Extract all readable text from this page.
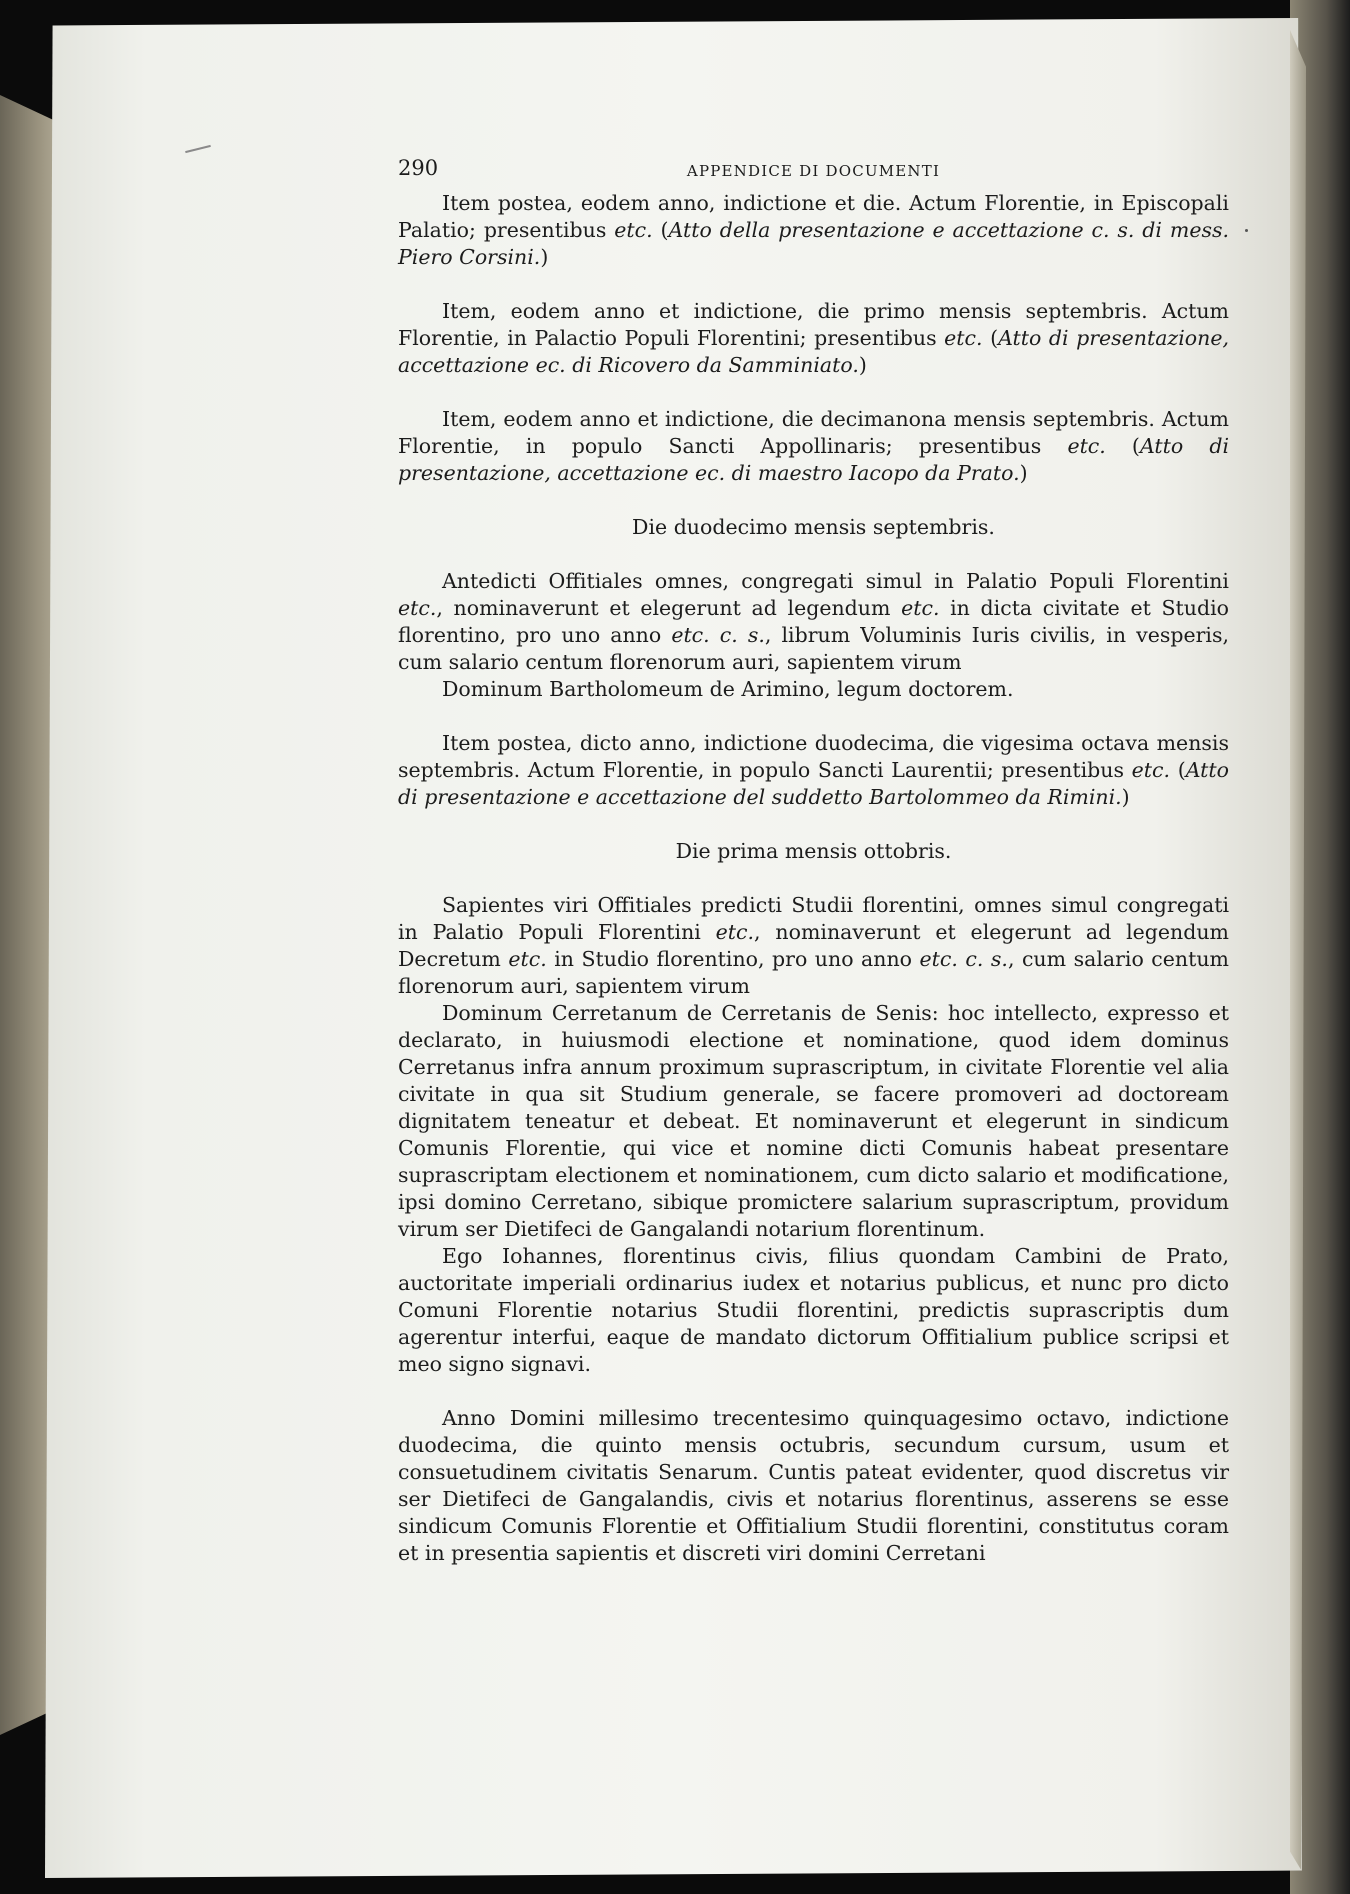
290	APPENDICE DI DOCUMENTI

Item postea, eodem anno, indictione et die. Actum Florentie, in Episcopali Palatio; presentibus etc. (Atto della presentazione e accettazione c. s. di mess. Piero Corsini.)

Item, eodem anno et indictione, die primo mensis septembris. Actum Florentie, in Palactio Populi Florentini; presentibus etc. (Atto di presentazione, accettazione ec. di Ricovero da Samminiato.)

Item, eodem anno et indictione, die decimanona mensis septembris. Actum Florentie, in populo Sancti Appollinaris; presentibus etc. (Atto di presentazione, accettazione ec. di maestro Iacopo da Prato.)

Die duodecimo mensis septembris.

Antedicti Offitiales omnes, congregati simul in Palatio Populi Florentini etc., nominaverunt et elegerunt ad legendum etc. in dicta civitate et Studio florentino, pro uno anno etc. c. s., librum Voluminis Iuris civilis, in vesperis, cum salario centum florenorum auri, sapientem virum

Dominum Bartholomeum de Arimino, legum doctorem.

Item postea, dicto anno, indictione duodecima, die vigesima octava mensis septembris. Actum Florentie, in populo Sancti Laurentii; presentibus etc. (Atto di presentazione e accettazione del suddetto Bartolommeo da Rimini.)

Die prima mensis ottobris.

Sapientes viri Offitiales predicti Studii florentini, omnes simul congregati in Palatio Populi Florentini etc., nominaverunt et elegerunt ad legendum Decretum etc. in Studio florentino, pro uno anno etc. c. s., cum salario centum florenorum auri, sapientem virum

Dominum Cerretanum de Cerretanis de Senis: hoc intellecto, expresso et declarato, in huiusmodi electione et nominatione, quod idem dominus Cerretanus infra annum proximum suprascriptum, in civitate Florentie vel alia civitate in qua sit Studium generale, se facere promoveri ad doctoream dignitatem teneatur et debeat. Et nominaverunt et elegerunt in sindicum Comunis Florentie, qui vice et nomine dicti Comunis habeat presentare suprascriptam electionem et nominationem, cum dicto salario et modificatione, ipsi domino Cerretano, sibique promictere salarium suprascriptum, providum virum ser Dietifeci de Gangalandi notarium florentinum.

Ego Iohannes, florentinus civis, filius quondam Cambini de Prato, auctoritate imperiali ordinarius iudex et notarius publicus, et nunc pro dicto Comuni Florentie notarius Studii florentini, predictis suprascriptis dum agerentur interfui, eaque de mandato dictorum Offitialium publice scripsi et meo signo signavi.

Anno Domini millesimo trecentesimo quinquagesimo octavo, indictione duodecima, die quinto mensis octubris, secundum cursum, usum et consuetudinem civitatis Senarum. Cuntis pateat evidenter, quod discretus vir ser Dietifeci de Gangalandis, civis et notarius florentinus, asserens se esse sindicum Comunis Florentie et Offitialium Studii florentini, constitutus coram et in presentia sapientis et discreti viri domini Cerretani
